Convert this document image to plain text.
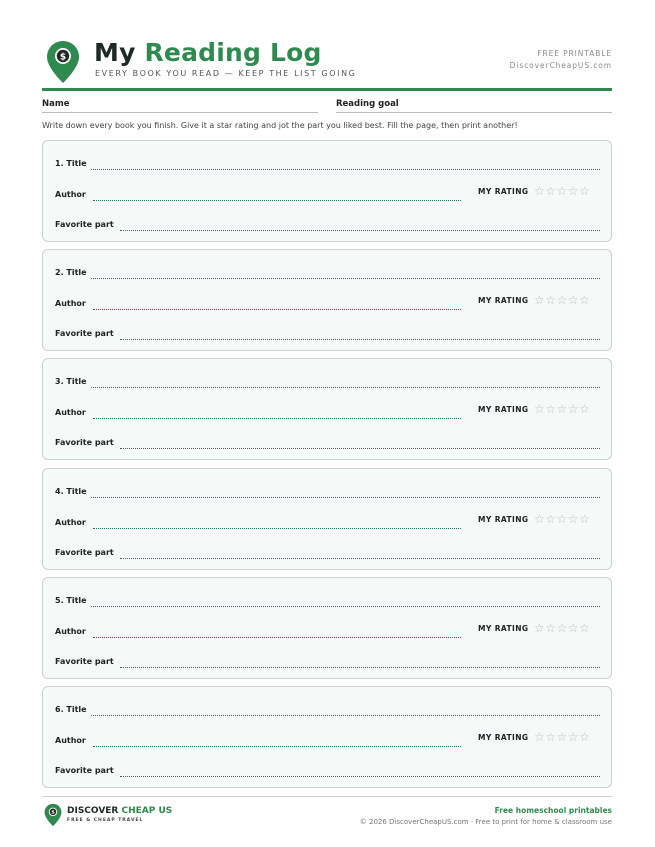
$ My Reading Log
EVERY BOOK YOU READ — KEEP THE LIST GOING
FREE PRINTABLE
DiscoverCheapUS.com
Name	Reading goal
Write down every book you finish. Give it a star rating and jot the part you liked best. Fill the page, then print another!
1. Title
Author	MY RATING ☆☆☆☆☆
Favorite part
2. Title
Author	MY RATING ☆☆☆☆☆
Favorite part
3. Title
Author	MY RATING ☆☆☆☆☆
Favorite part
4. Title
Author	MY RATING ☆☆☆☆☆
Favorite part
5. Title
Author	MY RATING ☆☆☆☆☆
Favorite part
6. Title
Author	MY RATING ☆☆☆☆☆
Favorite part
$ DISCOVER CHEAP US
FREE & CHEAP TRAVEL
Free homeschool printables
© 2026 DiscoverCheapUS.com · Free to print for home & classroom use
